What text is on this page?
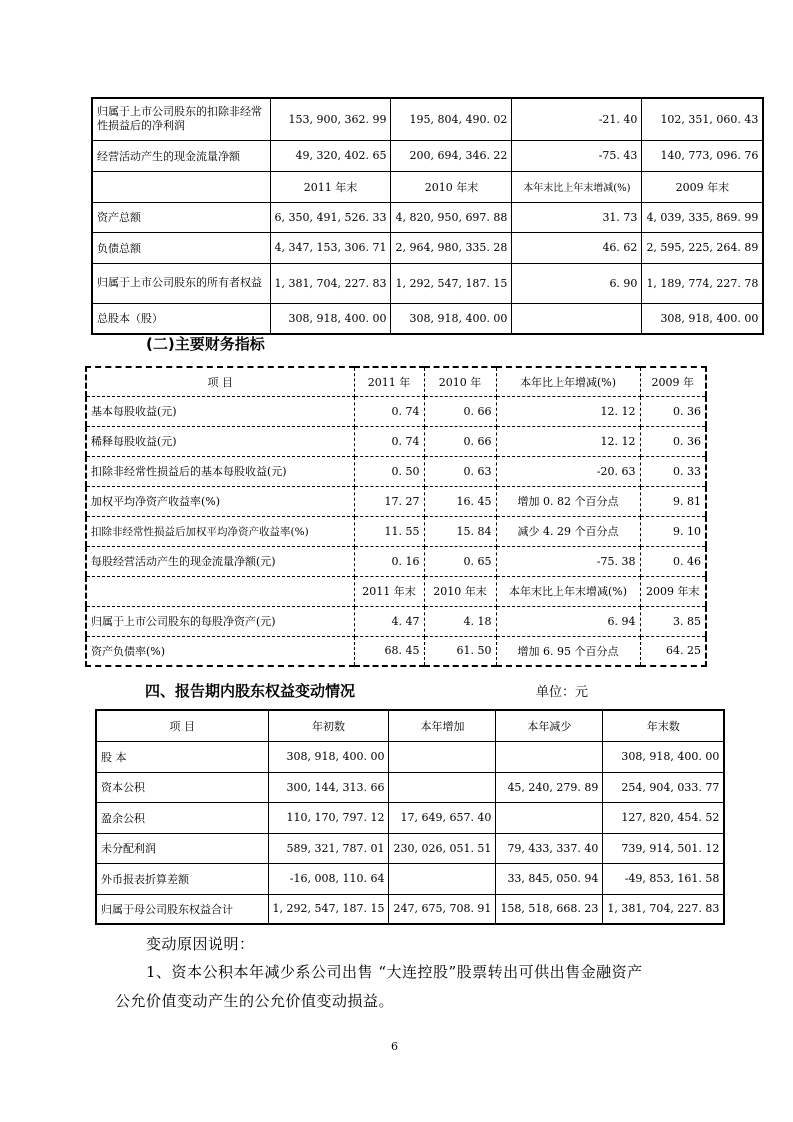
归属于上市公司股东的扣除非经常性损益后的净利润	153, 900, 362. 99	195, 804, 490. 02	-21. 40	102, 351, 060. 43
经营活动产生的现金流量净额	49, 320, 402. 65	200, 694, 346. 22	-75. 43	140, 773, 096. 76
	2011 年末	2010 年末	本年末比上年末增减(%)	2009 年末
资产总额	6, 350, 491, 526. 33	4, 820, 950, 697. 88	31. 73	4, 039, 335, 869. 99
负债总额	4, 347, 153, 306. 71	2, 964, 980, 335. 28	46. 62	2, 595, 225, 264. 89
归属于上市公司股东的所有者权益	1, 381, 704, 227. 83	1, 292, 547, 187. 15	6. 90	1, 189, 774, 227. 78
总股本（股）	308, 918, 400. 00	308, 918, 400. 00		308, 918, 400. 00
(二)主要财务指标
项 目	2011 年	2010 年	本年比上年增减(%)	2009 年
基本每股收益(元)	0. 74	0. 66	12. 12	0. 36
稀释每股收益(元)	0. 74	0. 66	12. 12	0. 36
扣除非经常性损益后的基本每股收益(元)	0. 50	0. 63	-20. 63	0. 33
加权平均净资产收益率(%)	17. 27	16. 45	增加 0. 82 个百分点	9. 81
扣除非经常性损益后加权平均净资产收益率(%)	11. 55	15. 84	减少 4. 29 个百分点	9. 10
每股经营活动产生的现金流量净额(元)	0. 16	0. 65	-75. 38	0. 46
	2011 年末	2010 年末	本年末比上年末增减(%)	2009 年末
归属于上市公司股东的每股净资产(元)	4. 47	4. 18	6. 94	3. 85
资产负债率(%)	68. 45	61. 50	增加 6. 95 个百分点	64. 25
四、报告期内股东权益变动情况	单位：元
项 目	年初数	本年增加	本年减少	年末数
股 本	308, 918, 400. 00			308, 918, 400. 00
资本公积	300, 144, 313. 66		45, 240, 279. 89	254, 904, 033. 77
盈余公积	110, 170, 797. 12	17, 649, 657. 40		127, 820, 454. 52
未分配利润	589, 321, 787. 01	230, 026, 051. 51	79, 433, 337. 40	739, 914, 501. 12
外币报表折算差额	-16, 008, 110. 64		33, 845, 050. 94	-49, 853, 161. 58
归属于母公司股东权益合计	1, 292, 547, 187. 15	247, 675, 708. 91	158, 518, 668. 23	1, 381, 704, 227. 83
变动原因说明：
1、资本公积本年减少系公司出售 “大连控股”股票转出可供出售金融资产
公允价值变动产生的公允价值变动损益。
6
